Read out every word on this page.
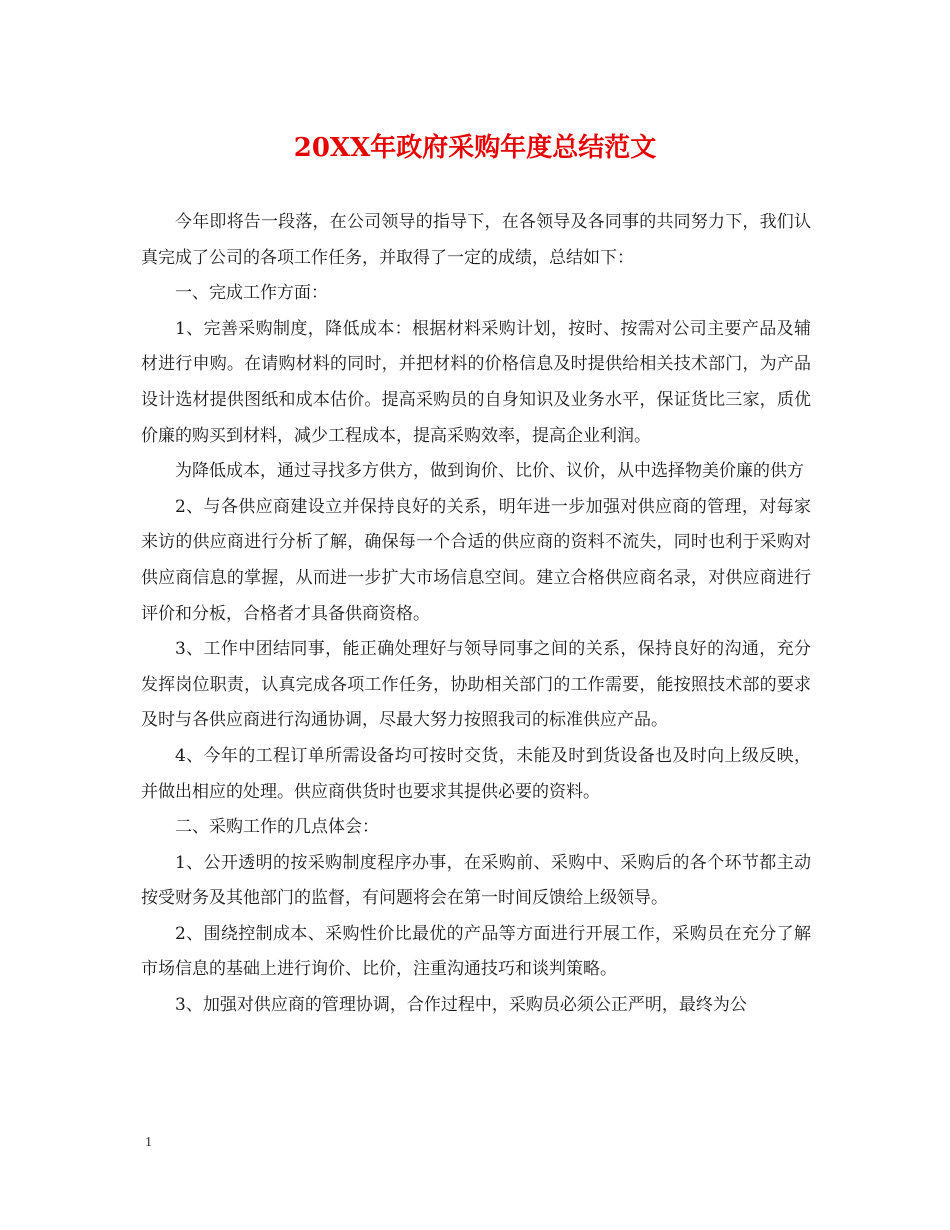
20XX年政府采购年度总结范文

今年即将告一段落，在公司领导的指导下，在各领导及各同事的共同努力下，我们认真完成了公司的各项工作任务，并取得了一定的成绩，总结如下：

一、完成工作方面：

1、完善采购制度，降低成本：根据材料采购计划，按时、按需对公司主要产品及辅材进行申购。在请购材料的同时，并把材料的价格信息及时提供给相关技术部门，为产品设计选材提供图纸和成本估价。提高采购员的自身知识及业务水平，保证货比三家，质优价廉的购买到材料，减少工程成本，提高采购效率，提高企业利润。

为降低成本，通过寻找多方供方，做到询价、比价、议价，从中选择物美价廉的供方

2、与各供应商建设立并保持良好的关系，明年进一步加强对供应商的管理，对每家来访的供应商进行分析了解，确保每一个合适的供应商的资料不流失，同时也利于采购对供应商信息的掌握，从而进一步扩大市场信息空间。建立合格供应商名录，对供应商进行评价和分板，合格者才具备供商资格。

3、工作中团结同事，能正确处理好与领导同事之间的关系，保持良好的沟通，充分发挥岗位职责，认真完成各项工作任务，协助相关部门的工作需要，能按照技术部的要求及时与各供应商进行沟通协调，尽最大努力按照我司的标准供应产品。

4、今年的工程订单所需设备均可按时交货，未能及时到货设备也及时向上级反映，并做出相应的处理。供应商供货时也要求其提供必要的资料。

二、采购工作的几点体会：

1、公开透明的按采购制度程序办事，在采购前、采购中、采购后的各个环节都主动按受财务及其他部门的监督，有问题将会在第一时间反馈给上级领导。

2、围绕控制成本、采购性价比最优的产品等方面进行开展工作，采购员在充分了解市场信息的基础上进行询价、比价，注重沟通技巧和谈判策略。

3、加强对供应商的管理协调，合作过程中，采购员必须公正严明，最终为公

1
